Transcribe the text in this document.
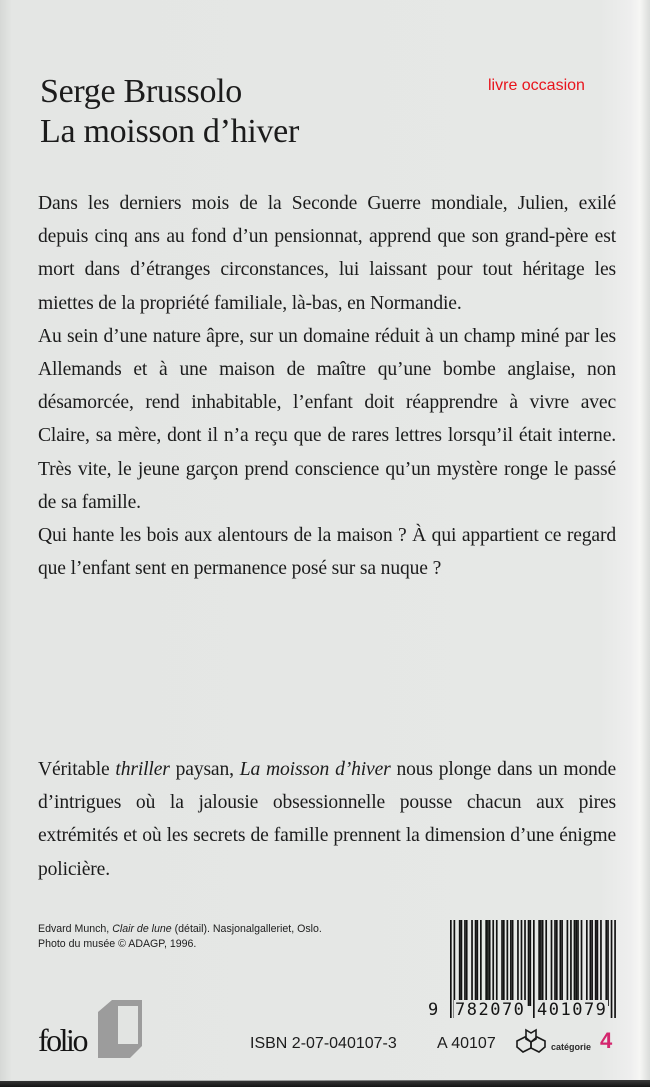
Serge Brussolo
La moisson d’hiver
livre occasion

Dans les derniers mois de la Seconde Guerre mondiale, Julien, exilé depuis cinq ans au fond d’un pensionnat, apprend que son grand-père est mort dans d’étranges circonstances, lui laissant pour tout héritage les miettes de la propriété familiale, là-bas, en Normandie.

Au sein d’une nature âpre, sur un domaine réduit à un champ miné par les Allemands et à une maison de maître qu’une bombe anglaise, non désamorcée, rend inhabitable, l’enfant doit réapprendre à vivre avec Claire, sa mère, dont il n’a reçu que de rares lettres lorsqu’il était interne. Très vite, le jeune garçon prend conscience qu’un mystère ronge le passé de sa famille.

Qui hante les bois aux alentours de la maison ? À qui appartient ce regard que l’enfant sent en permanence posé sur sa nuque ?

Véritable thriller paysan, La moisson d’hiver nous plonge dans un monde d’intrigues où la jalousie obsessionnelle pousse chacun aux pires extrémités et où les secrets de famille prennent la dimension d’une énigme policière.

Edvard Munch, Clair de lune (détail). Nasjonalgalleriet, Oslo.
Photo du musée © ADAGP, 1996.
folio	ISBN 2-07-040107-3	A 40107	catégorie 4
9 782070 401079
